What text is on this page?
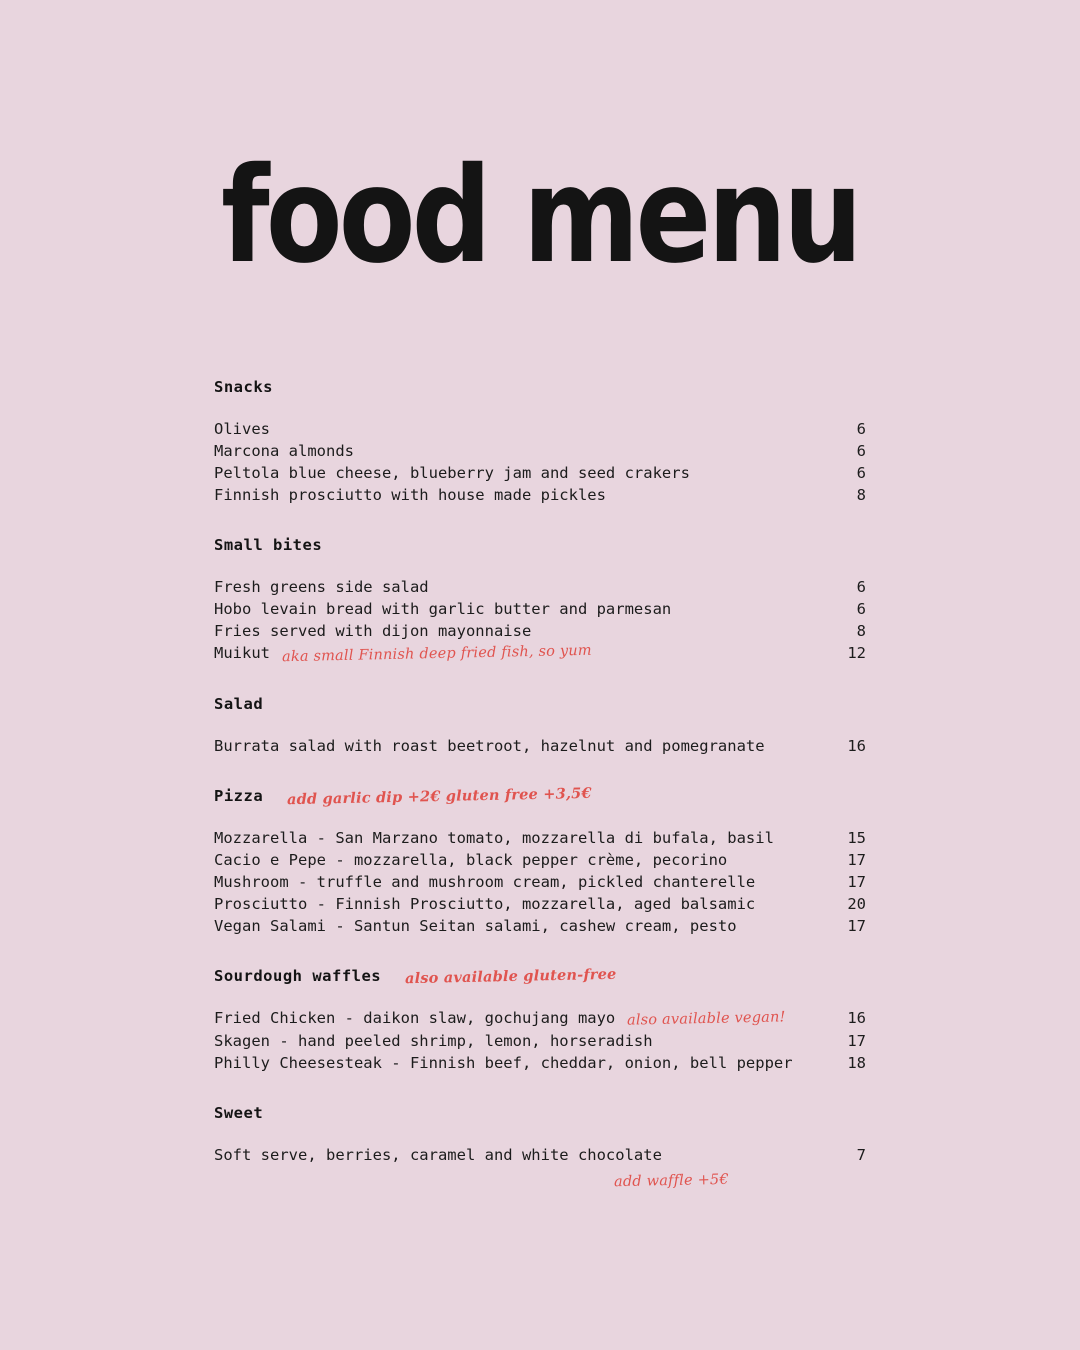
food menu
Snacks
Olives	6
Marcona almonds	6
Peltola blue cheese, blueberry jam and seed crakers	6
Finnish prosciutto with house made pickles	8
Small bites
Fresh greens side salad	6
Hobo levain bread with garlic butter and parmesan	6
Fries served with dijon mayonnaise	8
Muikut aka small Finnish deep fried fish, so yum	12
Salad
Burrata salad with roast beetroot, hazelnut and pomegranate	16
Pizza add garlic dip +2€ gluten free +3,5€
Mozzarella - San Marzano tomato, mozzarella di bufala, basil	15
Cacio e Pepe - mozzarella, black pepper crème, pecorino	17
Mushroom - truffle and mushroom cream, pickled chanterelle	17
Prosciutto - Finnish Prosciutto, mozzarella, aged balsamic	20
Vegan Salami - Santun Seitan salami, cashew cream, pesto	17
Sourdough waffles also available gluten-free
Fried Chicken - daikon slaw, gochujang mayo also available vegan!	16
Skagen - hand peeled shrimp, lemon, horseradish	17
Philly Cheesesteak - Finnish beef, cheddar, onion, bell pepper	18
Sweet
Soft serve, berries, caramel and white chocolate	7
add waffle +5€
